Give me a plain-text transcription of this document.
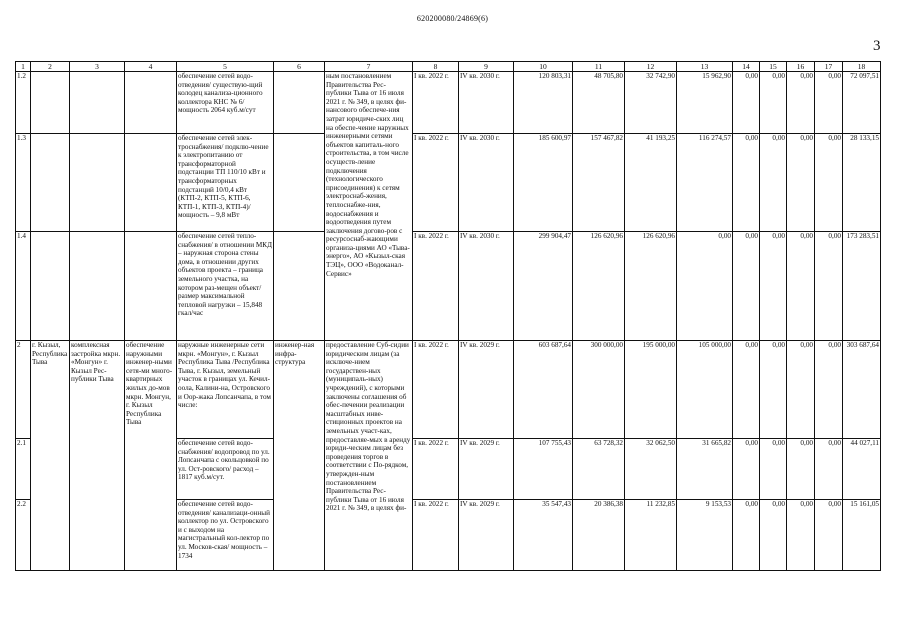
620200080/24869(6)
3
1	2	3	4	5	6	7	8	9	10	11	12	13	14	15	16	17	18
1.2				обеспечение сетей водо-отведения/ существую-щий колодец канализа-ционного коллектора КНС № 6/ мощность 2064 куб.м/сут		ным постановлением Правительства Рес-публики Тыва от 16 июля 2021 г. № 349, в целях фи-нансового обеспече-ния затрат юридиче-ских лиц на обеспе-чение наружных инженерными сетями объектов капиталь-ного строительства, в том числе осуществ-ление подключения (технологического присоединения) к сетям электроснаб-жения, теплоснабже-ния, водоснабжения и водоотведения путем заключения догово-ров с ресурсоснаб-жающими организа-циями АО «Тыва-энерго», АО «Кызыл-ская ТЭЦ», ООО «Водоканал-Сервис»	I кв. 2022 г.	IV кв. 2030 г.	120 803,31	48 705,80	32 742,90	15 962,90	0,00	0,00	0,00	0,00	72 097,51
1.3				обеспечение сетей элек-троснабжения/ подклю-чение к электропитанию от трансформаторной подстанции ТП 110/10 кВт и трансформаторных подстанций 10/0,4 кВт (КТП-2, КТП-5, КТП-6, КТП-1, КТП-3, КТП-4)/ мощность – 9,8 мВт			I кв. 2022 г.	IV кв. 2030 г.	185 600,97	157 467,82	41 193,25	116 274,57	0,00	0,00	0,00	0,00	28 133,15
1.4				обеспечение сетей тепло-снабжения/ в отношении МКД – наружная сторона стены дома, в отношении других объектов проекта – граница земельного участка, на котором раз-мещен объект/ размер максимальной тепловой нагрузки – 15,848 гкал/час			I кв. 2022 г.	IV кв. 2030 г.	299 904,47	126 620,96	126 620,96	0,00	0,00	0,00	0,00	0,00	173 283,51
2	г. Кызыл, Республика Тыва	комплексная застройка мкрн. «Монгун» г. Кызыл Рес-публики Тыва	обеспечение наружными инженер-ными сетя-ми много-квартирных жилых до-мов мкрн. Монгун, г. Кызыл Республика Тыва	наружные инженерные сети мкрн. «Монгун», г. Кызыл Республика Тыва /Республика Тыва, г. Кызыл, земельный участок в границах ул. Кечил-оола, Калини-на, Островского и Оор-жака Лопсанчапа, в том числе:	инженер-ная инфра-структура	предоставление Суб-сидии юридическим лицам (за исключе-нием государствен-ных (муниципаль-ных) учреждений), с которыми заключены соглашения об обес-печении реализации масштабных инве-стиционных проектов на земельных участ-ках, предоставляе-мых в аренду юриди-ческим лицам без проведения торгов в соответствии с По-рядком, утвержден-ным постановлением Правительства Рес-публики Тыва от 16 июля 2021 г. № 349, в целях фи-	I кв. 2022 г.	IV кв. 2029 г.	603 687,64	300 000,00	195 000,00	105 000,00	0,00	0,00	0,00	0,00	303 687,64
2.1				обеспечение сетей водо-снабжения/ водопровод по ул. Лопсанчапа с окольцовкой по ул. Ост-ровского/ расход – 1817 куб.м/сут.			I кв. 2022 г.	IV кв. 2029 г.	107 755,43	63 728,32	32 062,50	31 665,82	0,00	0,00	0,00	0,00	44 027,11
2.2				обеспечение сетей водо-отведения/ канализаци-онный коллектор по ул. Островского и с выходом на магистральный кол-лектор по ул. Москов-ская/ мощность – 1734			I кв. 2022 г.	IV кв. 2029 г.	35 547,43	20 386,38	11 232,85	9 153,53	0,00	0,00	0,00	0,00	15 161,05
